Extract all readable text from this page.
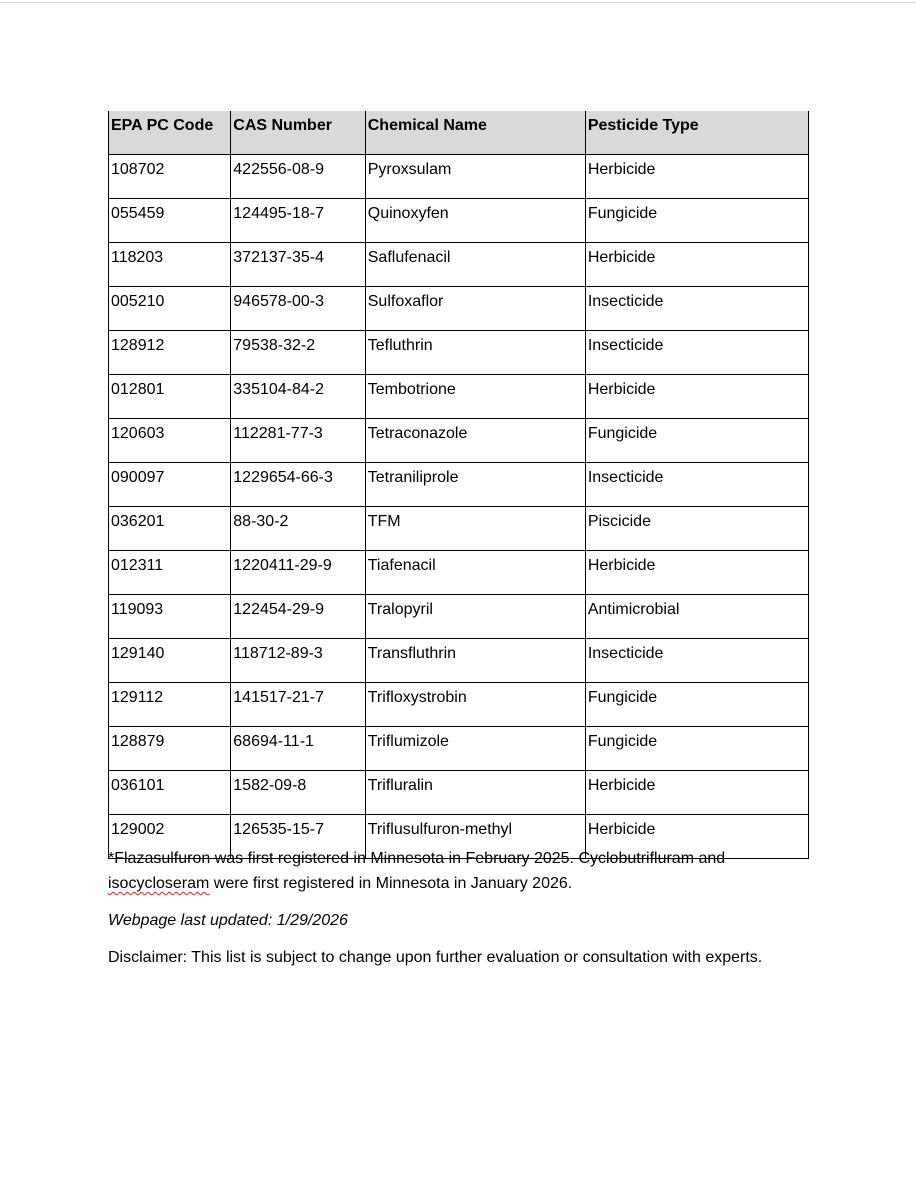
EPA PC Code	CAS Number	Chemical Name	Pesticide Type
108702	422556-08-9	Pyroxsulam	Herbicide
055459	124495-18-7	Quinoxyfen	Fungicide
118203	372137-35-4	Saflufenacil	Herbicide
005210	946578-00-3	Sulfoxaflor	Insecticide
128912	79538-32-2	Tefluthrin	Insecticide
012801	335104-84-2	Tembotrione	Herbicide
120603	112281-77-3	Tetraconazole	Fungicide
090097	1229654-66-3	Tetraniliprole	Insecticide
036201	88-30-2	TFM	Piscicide
012311	1220411-29-9	Tiafenacil	Herbicide
119093	122454-29-9	Tralopyril	Antimicrobial
129140	118712-89-3	Transfluthrin	Insecticide
129112	141517-21-7	Trifloxystrobin	Fungicide
128879	68694-11-1	Triflumizole	Fungicide
036101	1582-09-8	Trifluralin	Herbicide
129002	126535-15-7	Triflusulfuron-methyl	Herbicide

*Flazasulfuron was first registered in Minnesota in February 2025. Cyclobutrifluram and isocycloseram were first registered in Minnesota in January 2026.

Webpage last updated: 1/29/2026

Disclaimer: This list is subject to change upon further evaluation or consultation with experts.
